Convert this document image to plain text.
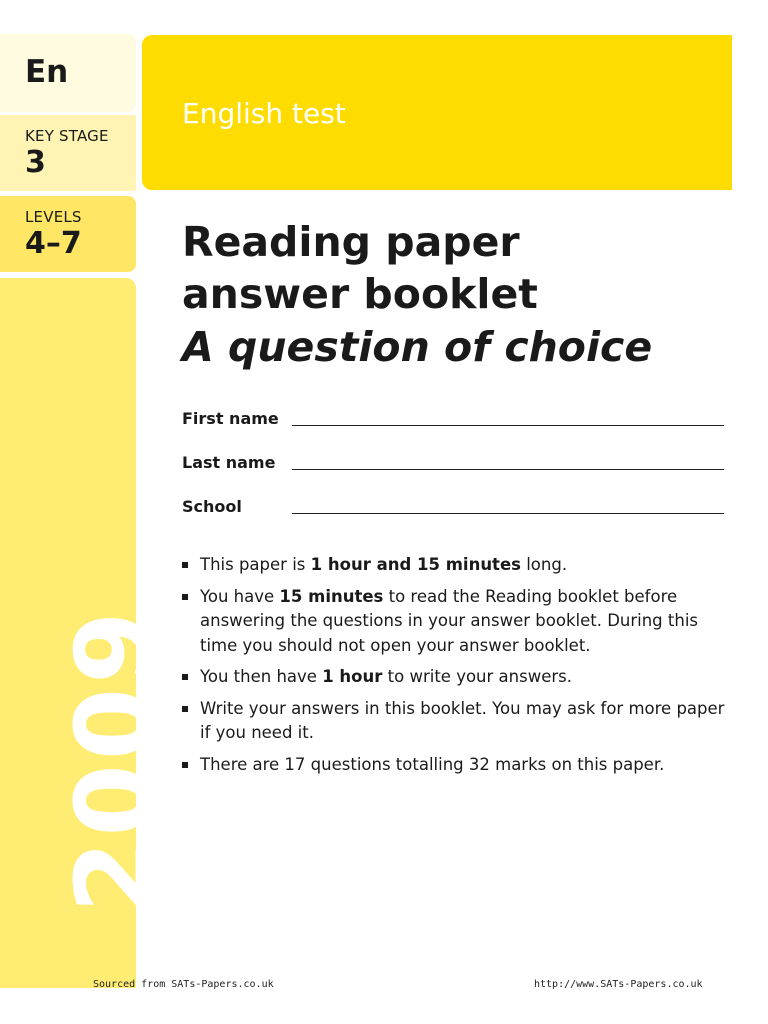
En
KEY STAGE
3
LEVELS
4–7
2009
English test
Reading paper
answer booklet
A question of choice
First name
Last name
School
This paper is 1 hour and 15 minutes long.
You have 15 minutes to read the Reading booklet before answering the questions in your answer booklet. During this time you should not open your answer booklet.
You then have 1 hour to write your answers.
Write your answers in this booklet. You may ask for more paper if you need it.
There are 17 questions totalling 32 marks on this paper.
Sourced from SATs-Papers.co.uk	http://www.SATs-Papers.co.uk
